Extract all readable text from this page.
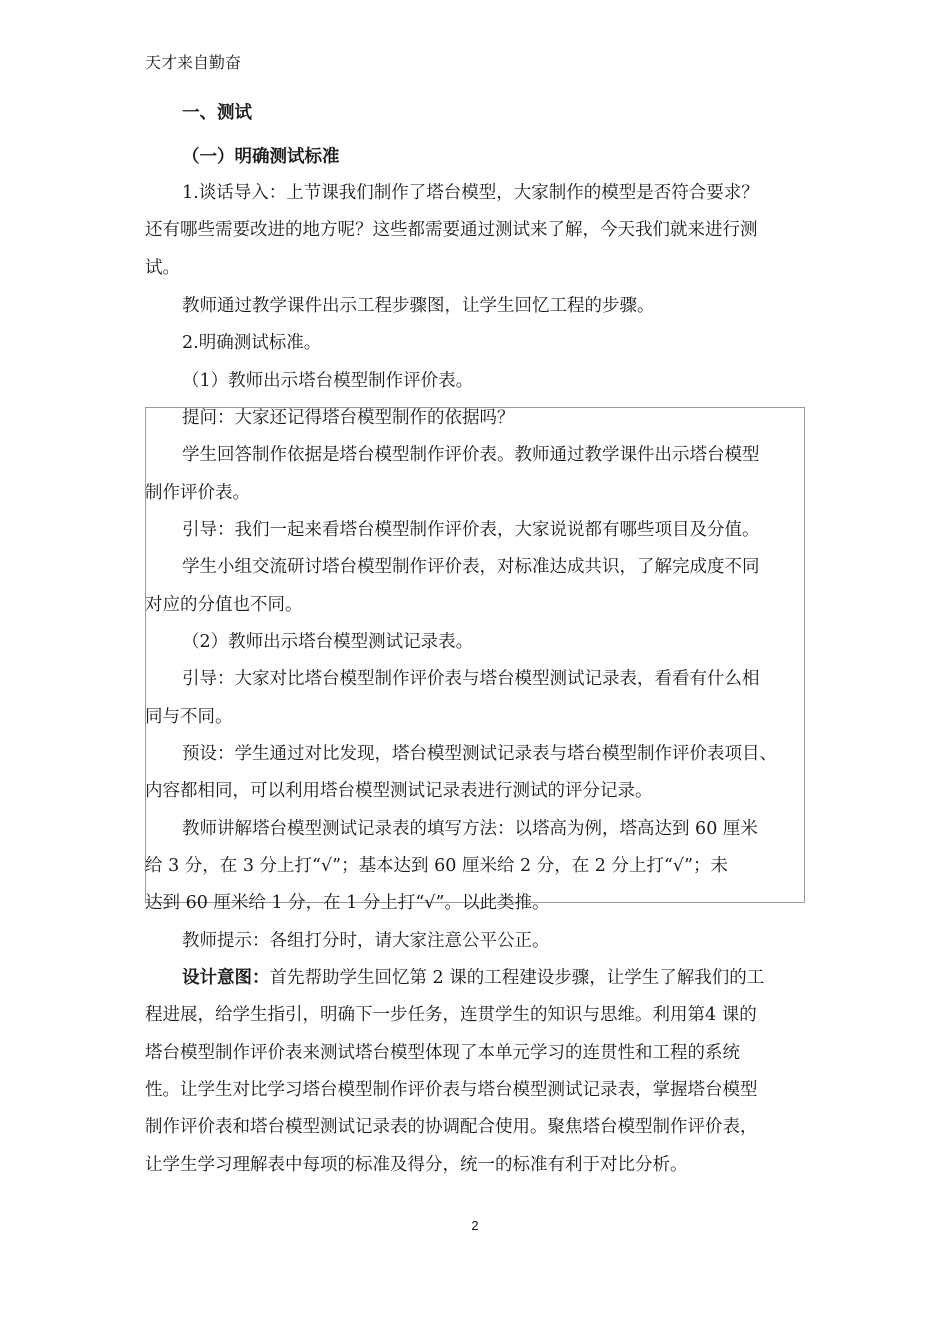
天才来自勤奋
一、测试
（一）明确测试标准
1.谈话导入：上节课我们制作了塔台模型，大家制作的模型是否符合要求？
还有哪些需要改进的地方呢？这些都需要通过测试来了解，今天我们就来进行测
试。
教师通过教学课件出示工程步骤图，让学生回忆工程的步骤。
2.明确测试标准。
（1）教师出示塔台模型制作评价表。
提问：大家还记得塔台模型制作的依据吗？
学生回答制作依据是塔台模型制作评价表。教师通过教学课件出示塔台模型
制作评价表。
引导：我们一起来看塔台模型制作评价表，大家说说都有哪些项目及分值。
学生小组交流研讨塔台模型制作评价表，对标准达成共识，了解完成度不同
对应的分值也不同。
（2）教师出示塔台模型测试记录表。
引导：大家对比塔台模型制作评价表与塔台模型测试记录表，看看有什么相
同与不同。
预设：学生通过对比发现，塔台模型测试记录表与塔台模型制作评价表项目、
内容都相同，可以利用塔台模型测试记录表进行测试的评分记录。
教师讲解塔台模型测试记录表的填写方法：以塔高为例，塔高达到 60 厘米
给 3 分，在 3 分上打“√”；基本达到 60 厘米给 2 分，在 2 分上打“√”；未
达到 60 厘米给 1 分，在 1 分上打“√”。以此类推。
教师提示：各组打分时，请大家注意公平公正。
设计意图：首先帮助学生回忆第 2 课的工程建设步骤，让学生了解我们的工
程进展，给学生指引，明确下一步任务，连贯学生的知识与思维。利用第4 课的
塔台模型制作评价表来测试塔台模型体现了本单元学习的连贯性和工程的系统
性。让学生对比学习塔台模型制作评价表与塔台模型测试记录表，掌握塔台模型
制作评价表和塔台模型测试记录表的协调配合使用。聚焦塔台模型制作评价表，
让学生学习理解表中每项的标准及得分，统一的标准有利于对比分析。
2
